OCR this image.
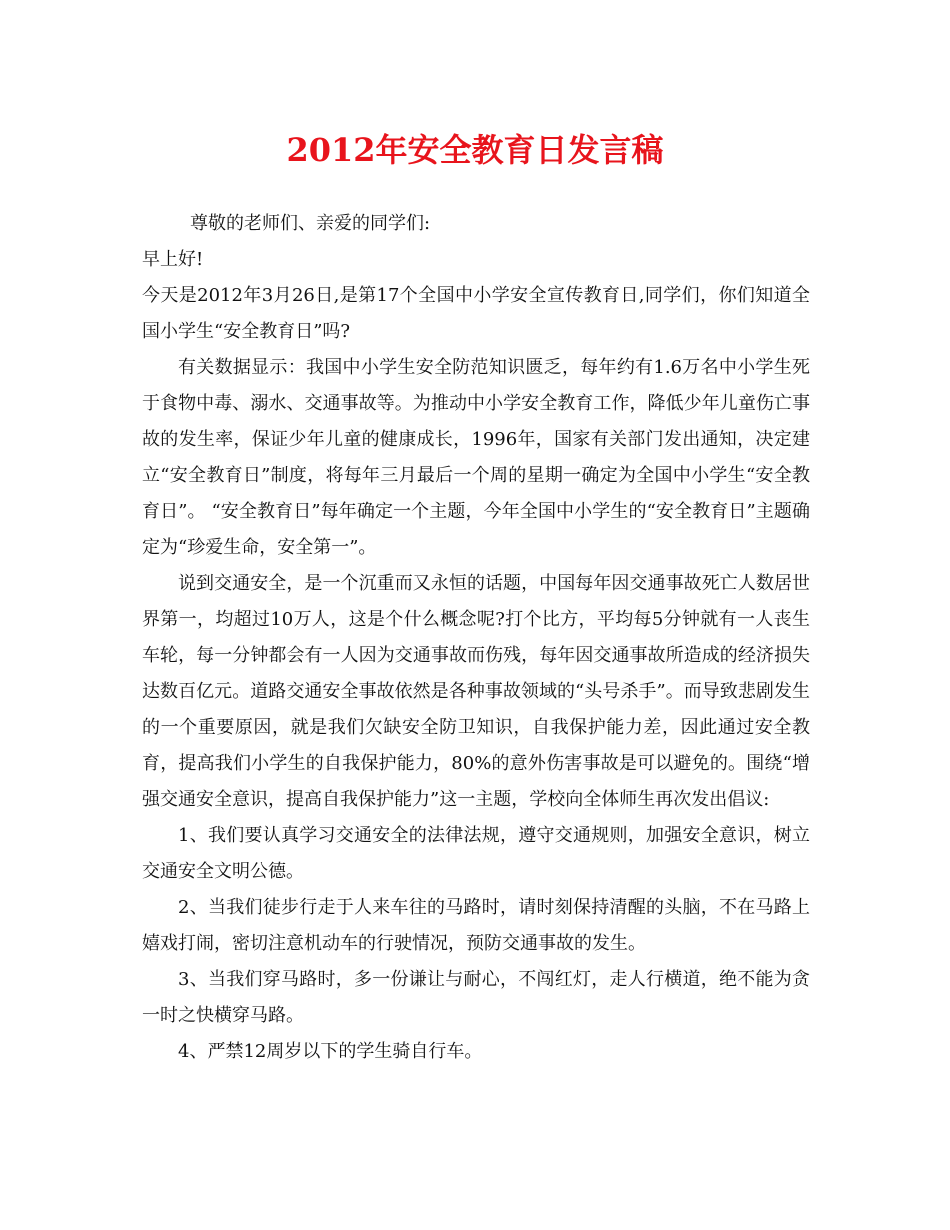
2012年安全教育日发言稿

尊敬的老师们、亲爱的同学们:

早上好!

今天是2012年3月26日,是第17个全国中小学安全宣传教育日,同学们，你们知道全国小学生“安全教育日”吗?

有关数据显示：我国中小学生安全防范知识匮乏，每年约有1.6万名中小学生死于食物中毒、溺水、交通事故等。为推动中小学安全教育工作，降低少年儿童伤亡事故的发生率，保证少年儿童的健康成长，1996年，国家有关部门发出通知，决定建立“安全教育日”制度，将每年三月最后一个周的星期一确定为全国中小学生“安全教育日”。 “安全教育日”每年确定一个主题，今年全国中小学生的“安全教育日”主题确定为“珍爱生命，安全第一”。

说到交通安全，是一个沉重而又永恒的话题，中国每年因交通事故死亡人数居世界第一，均超过10万人，这是个什么概念呢?打个比方，平均每5分钟就有一人丧生车轮，每一分钟都会有一人因为交通事故而伤残，每年因交通事故所造成的经济损失达数百亿元。道路交通安全事故依然是各种事故领域的“头号杀手”。而导致悲剧发生的一个重要原因，就是我们欠缺安全防卫知识，自我保护能力差，因此通过安全教育，提高我们小学生的自我保护能力，80%的意外伤害事故是可以避免的。围绕“增强交通安全意识，提高自我保护能力”这一主题，学校向全体师生再次发出倡议:

1、我们要认真学习交通安全的法律法规，遵守交通规则，加强安全意识，树立交通安全文明公德。

2、当我们徒步行走于人来车往的马路时，请时刻保持清醒的头脑，不在马路上嬉戏打闹，密切注意机动车的行驶情况，预防交通事故的发生。

3、当我们穿马路时，多一份谦让与耐心，不闯红灯，走人行横道，绝不能为贪一时之快横穿马路。

4、严禁12周岁以下的学生骑自行车。
